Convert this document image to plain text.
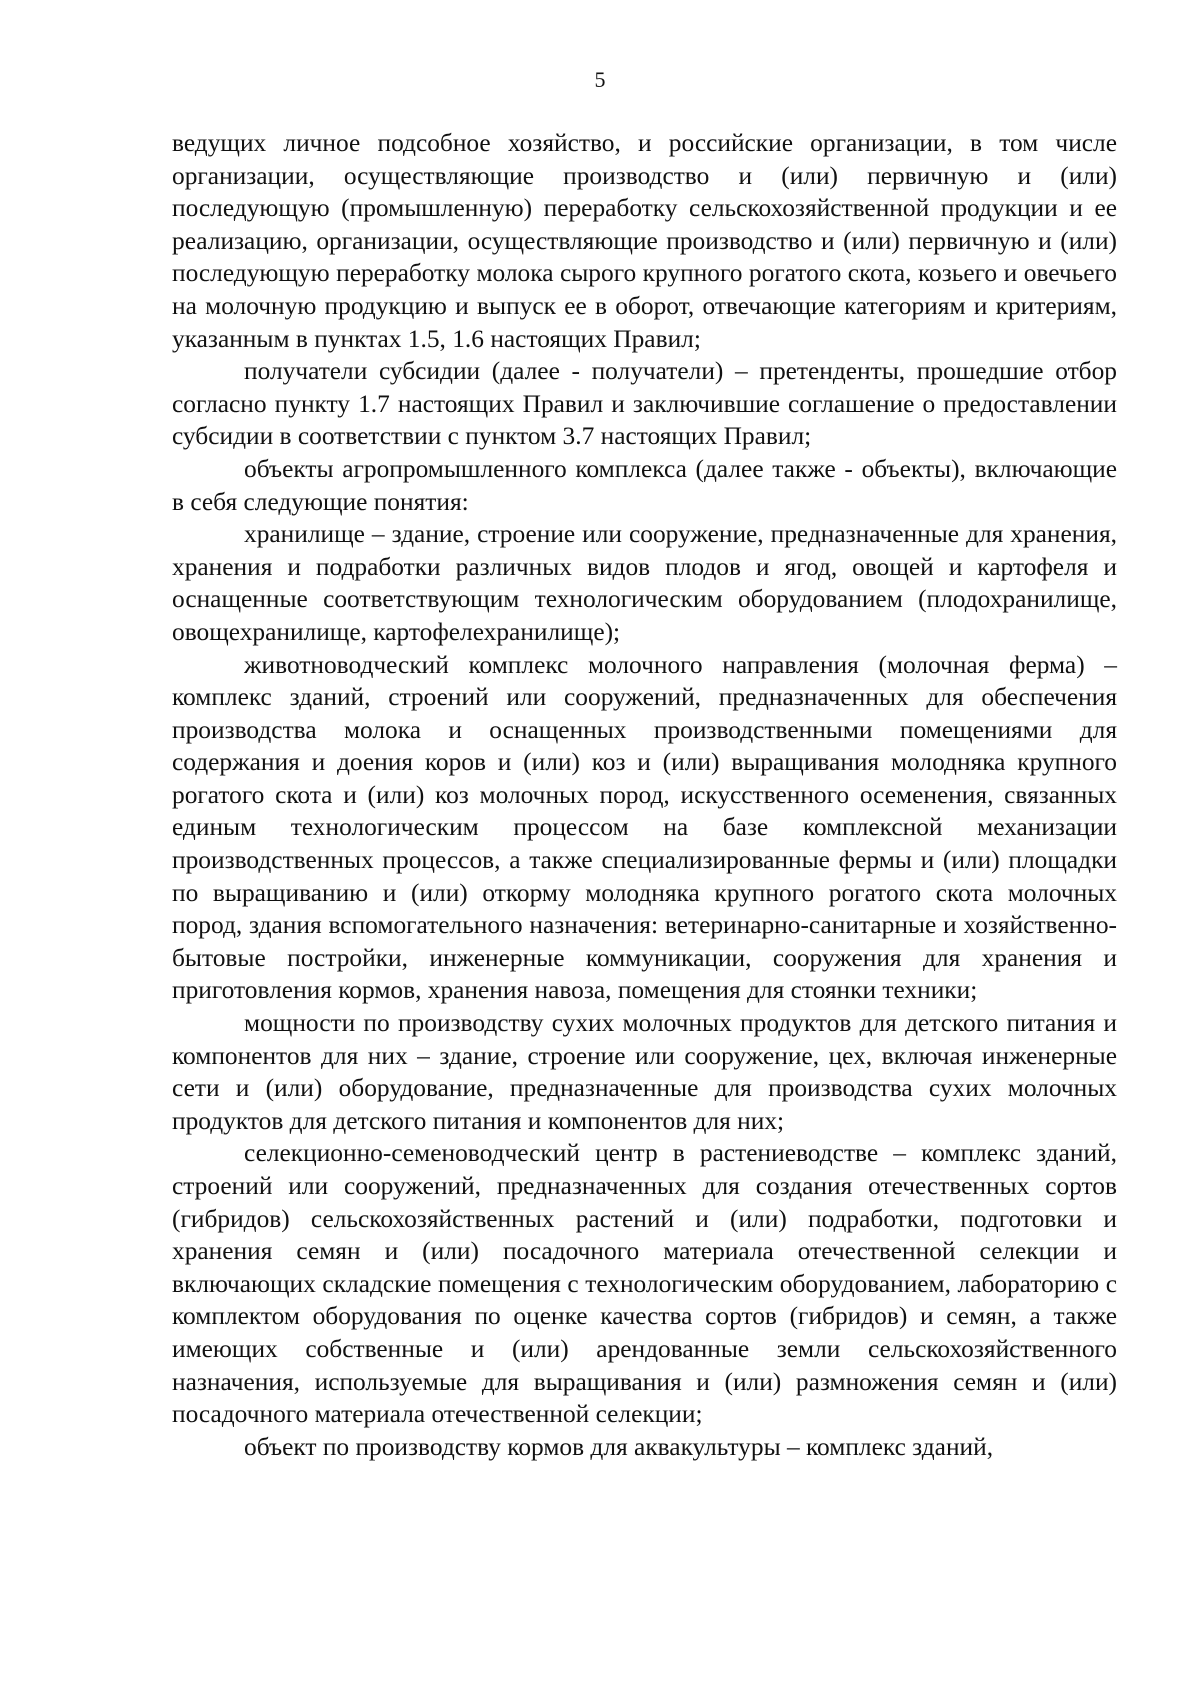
5

ведущих личное подсобное хозяйство, и российские организации, в том числе организации, осуществляющие производство и (или) первичную и (или) последующую (промышленную) переработку сельскохозяйственной продукции и ее реализацию, организации, осуществляющие производство и (или) первичную и (или) последующую переработку молока сырого крупного рогатого скота, козьего и овечьего на молочную продукцию и выпуск ее в оборот, отвечающие категориям и критериям, указанным в пунктах 1.5, 1.6 настоящих Правил;

получатели субсидии (далее - получатели) – претенденты, прошедшие отбор согласно пункту 1.7 настоящих Правил и заключившие соглашение о предоставлении субсидии в соответствии с пунктом 3.7 настоящих Правил;

объекты агропромышленного комплекса (далее также - объекты), включающие в себя следующие понятия:

хранилище – здание, строение или сооружение, предназначенные для хранения, хранения и подработки различных видов плодов и ягод, овощей и картофеля и оснащенные соответствующим технологическим оборудованием (плодохранилище, овощехранилище, картофелехранилище);

животноводческий комплекс молочного направления (молочная ферма) – комплекс зданий, строений или сооружений, предназначенных для обеспечения производства молока и оснащенных производственными помещениями для содержания и доения коров и (или) коз и (или) выращивания молодняка крупного рогатого скота и (или) коз молочных пород, искусственного осеменения, связанных единым технологическим процессом на базе комплексной механизации производственных процессов, а также специализированные фермы и (или) площадки по выращиванию и (или) откорму молодняка крупного рогатого скота молочных пород, здания вспомогательного назначения: ветеринарно-санитарные и хозяйственно-бытовые постройки, инженерные коммуникации, сооружения для хранения и приготовления кормов, хранения навоза, помещения для стоянки техники;

мощности по производству сухих молочных продуктов для детского питания и компонентов для них – здание, строение или сооружение, цех, включая инженерные сети и (или) оборудование, предназначенные для производства сухих молочных продуктов для детского питания и компонентов для них;

селекционно-семеноводческий центр в растениеводстве – комплекс зданий, строений или сооружений, предназначенных для создания отечественных сортов (гибридов) сельскохозяйственных растений и (или) подработки, подготовки и хранения семян и (или) посадочного материала отечественной селекции и включающих складские помещения с технологическим оборудованием, лабораторию с комплектом оборудования по оценке качества сортов (гибридов) и семян, а также имеющих собственные и (или) арендованные земли сельскохозяйственного назначения, используемые для выращивания и (или) размножения семян и (или) посадочного материала отечественной селекции;

объект по производству кормов для аквакультуры – комплекс зданий,
